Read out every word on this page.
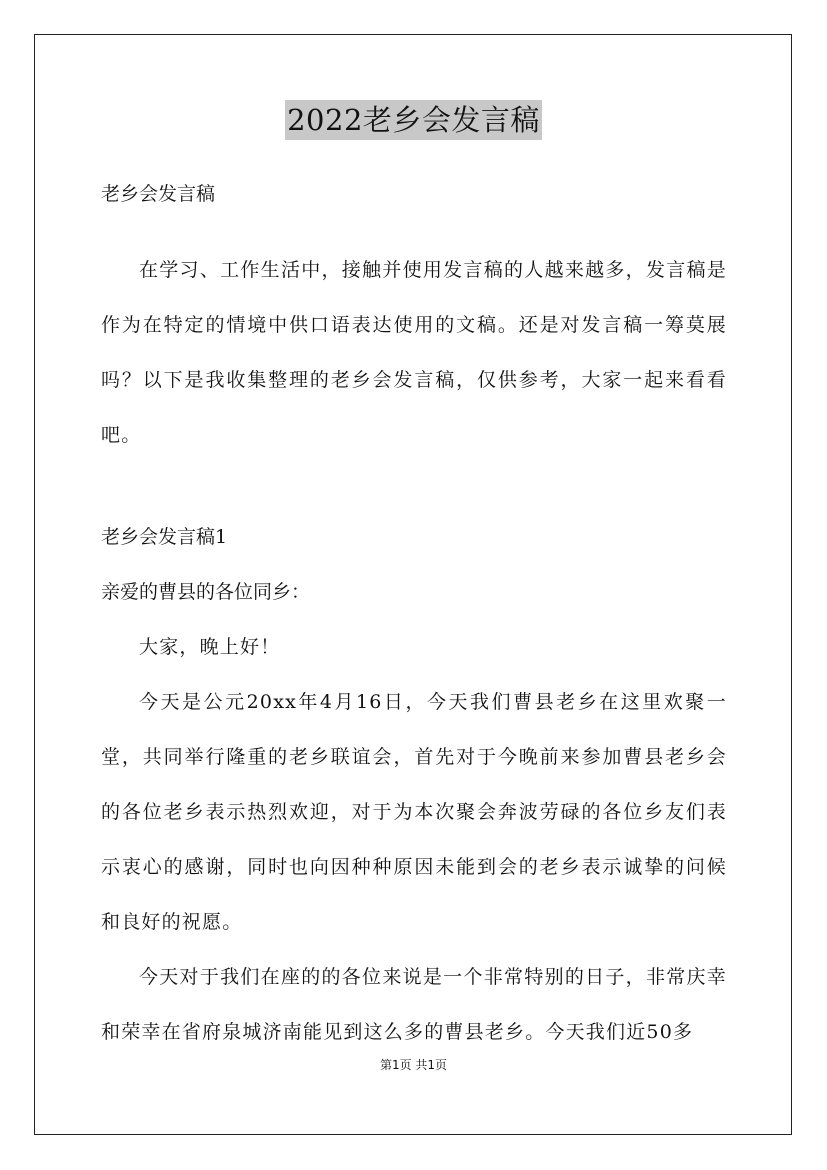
2022老乡会发言稿

老乡会发言稿

在学习、工作生活中，接触并使用发言稿的人越来越多，发言稿是作为在特定的情境中供口语表达使用的文稿。还是对发言稿一筹莫展吗？以下是我收集整理的老乡会发言稿，仅供参考，大家一起来看看吧。

老乡会发言稿1

亲爱的曹县的各位同乡：

大家，晚上好！

今天是公元20xx年4月16日，今天我们曹县老乡在这里欢聚一堂，共同举行隆重的老乡联谊会，首先对于今晚前来参加曹县老乡会的各位老乡表示热烈欢迎，对于为本次聚会奔波劳碌的各位乡友们表示衷心的感谢，同时也向因种种原因未能到会的老乡表示诚挚的问候和良好的祝愿。

今天对于我们在座的的各位来说是一个非常特别的日子，非常庆幸和荣幸在省府泉城济南能见到这么多的曹县老乡。今天我们近50多

第1页 共1页
